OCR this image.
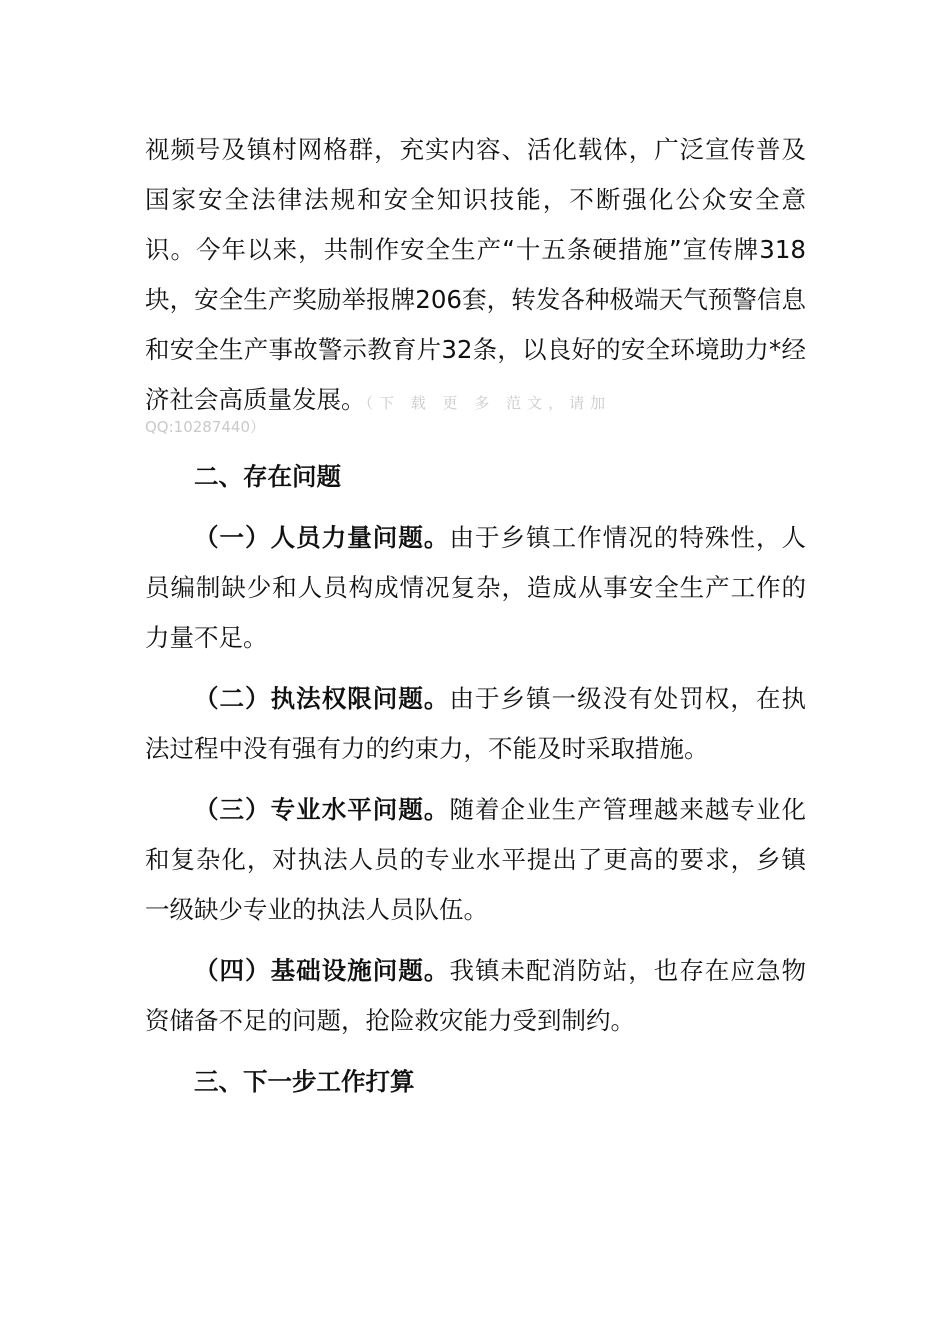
视频号及镇村网格群，充实内容、活化载体，广泛宣传普及国家安全法律法规和安全知识技能，不断强化公众安全意识。今年以来，共制作安全生产“十五条硬措施”宣传牌318块，安全生产奖励举报牌206套，转发各种极端天气预警信息和安全生产事故警示教育片32条，以良好的安全环境助力*经济社会高质量发展。（下 载 更 多 范文，请加

QQ:10287440）

二、存在问题

（一）人员力量问题。由于乡镇工作情况的特殊性，人员编制缺少和人员构成情况复杂，造成从事安全生产工作的力量不足。

（二）执法权限问题。由于乡镇一级没有处罚权，在执法过程中没有强有力的约束力，不能及时采取措施。

（三）专业水平问题。随着企业生产管理越来越专业化和复杂化，对执法人员的专业水平提出了更高的要求，乡镇一级缺少专业的执法人员队伍。

（四）基础设施问题。我镇未配消防站，也存在应急物资储备不足的问题，抢险救灾能力受到制约。

三、下一步工作打算
